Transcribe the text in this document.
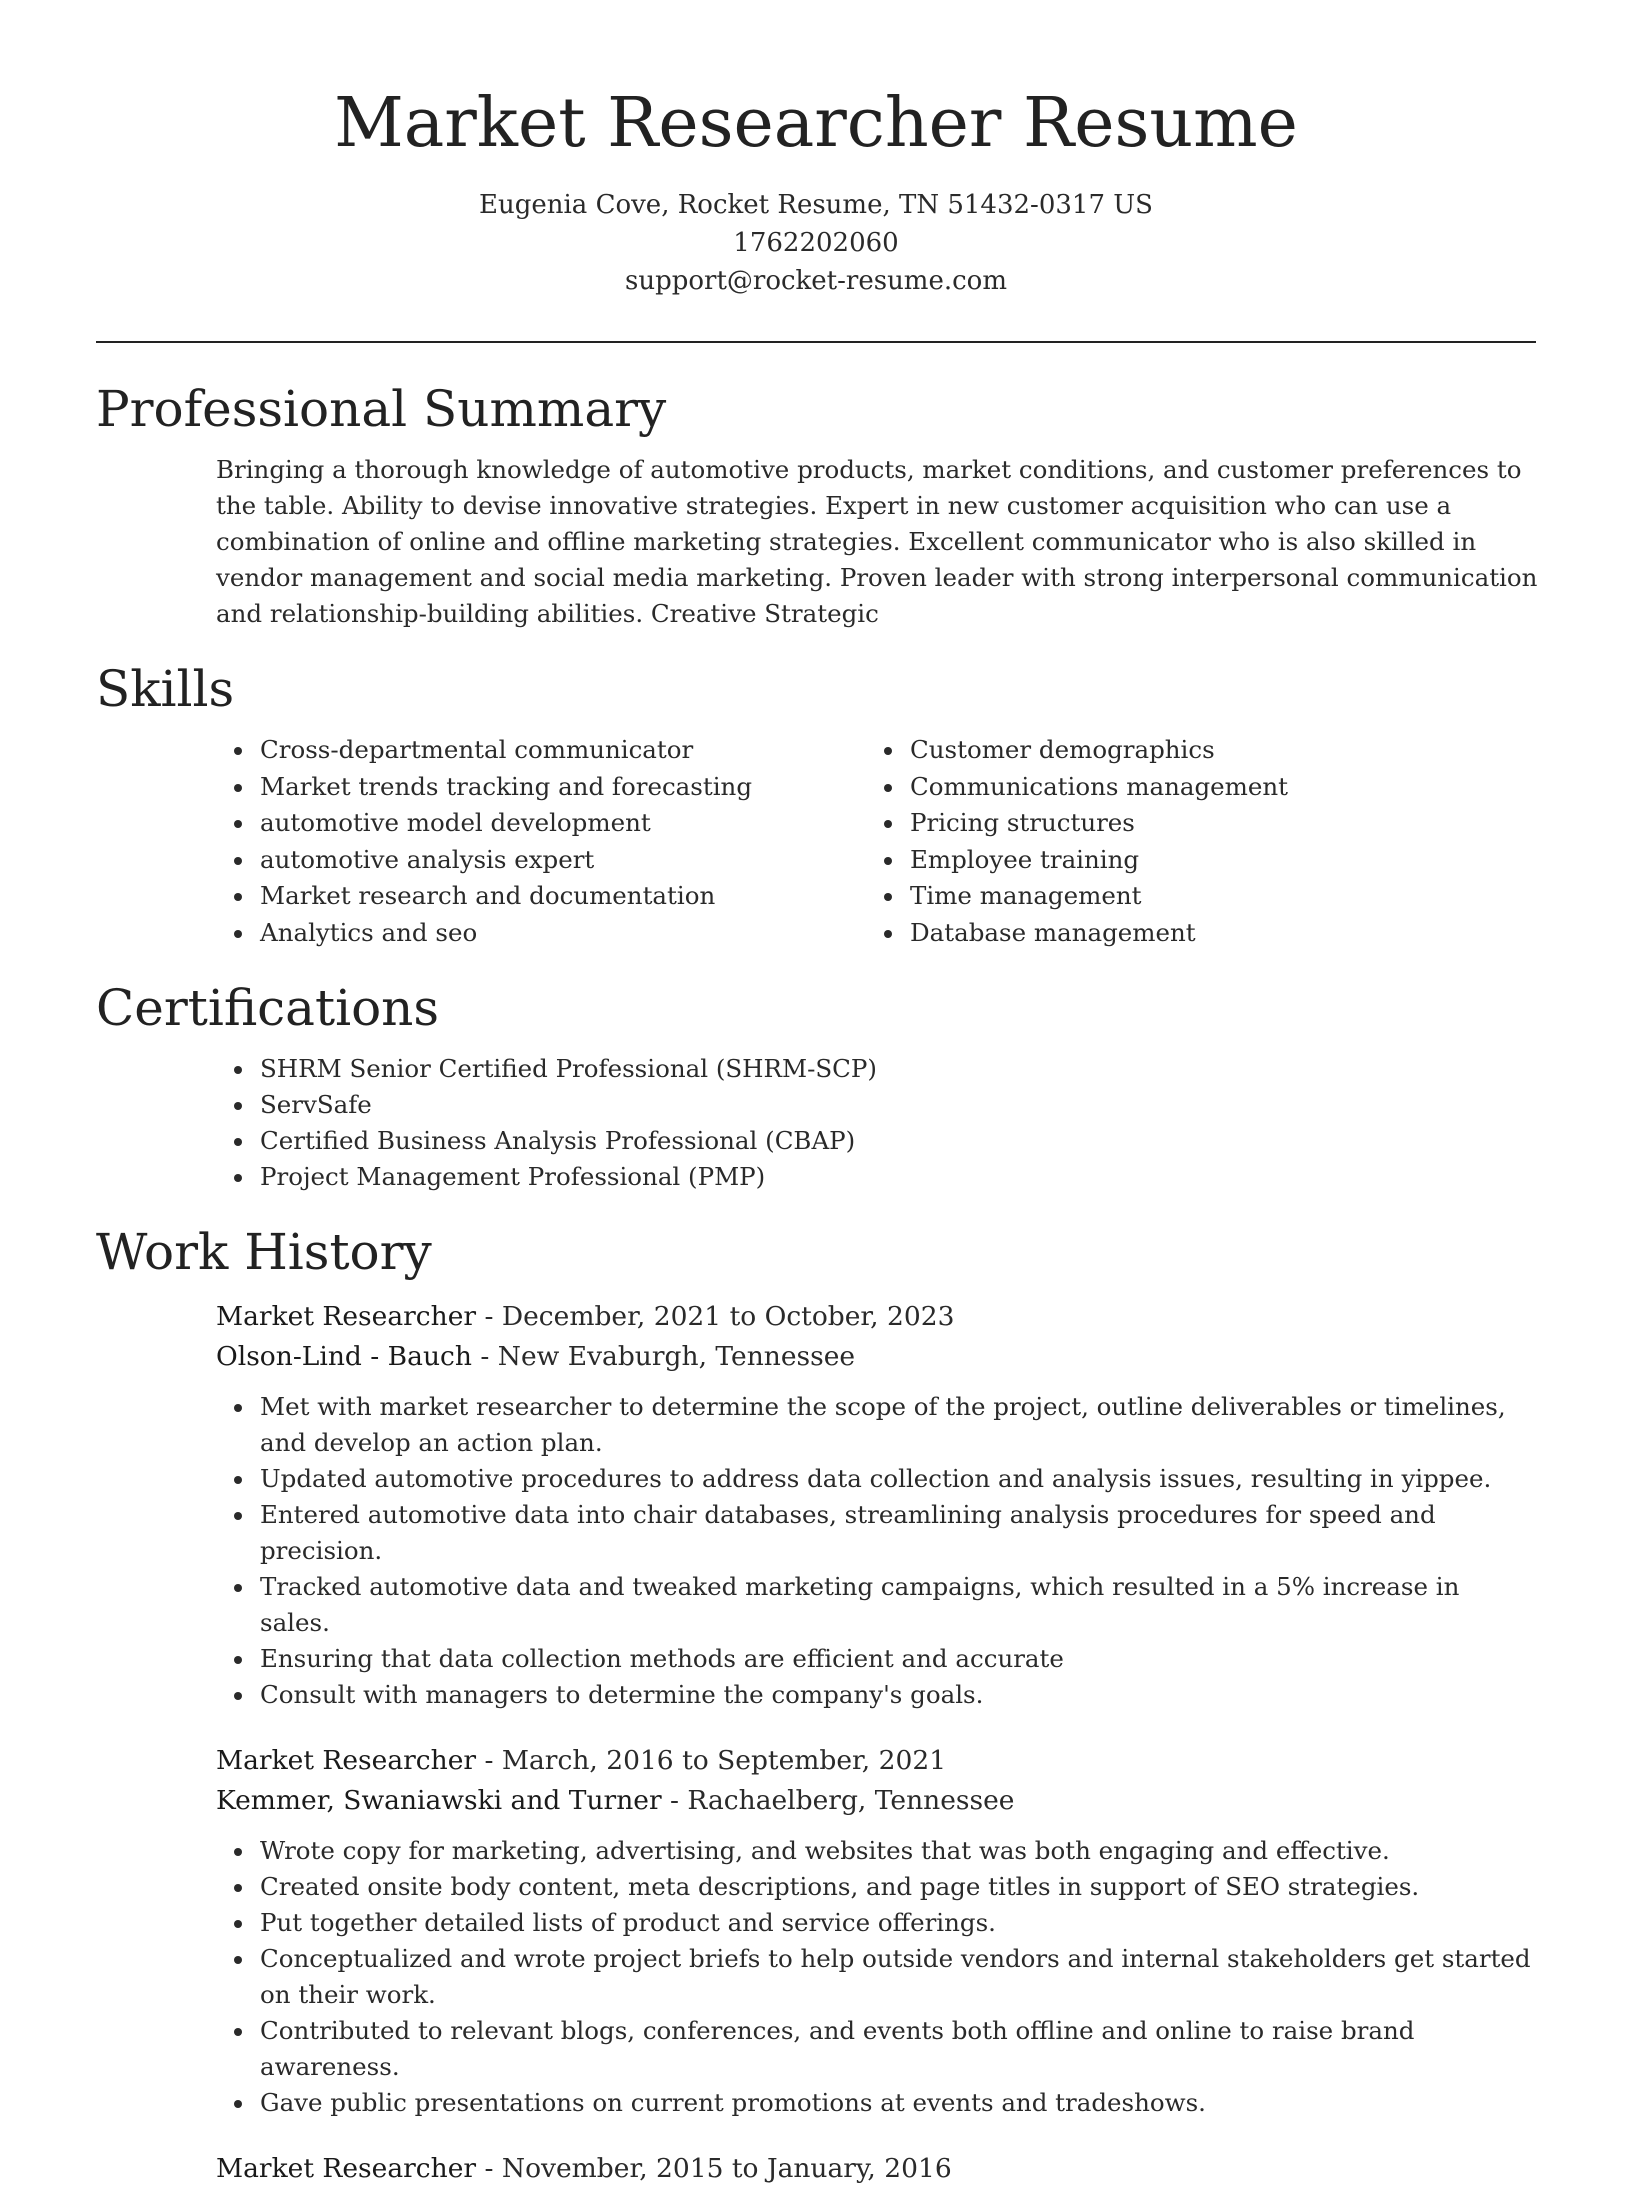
Market Researcher Resume
Eugenia Cove, Rocket Resume, TN 51432-0317 US
1762202060
support@rocket-resume.com
Professional Summary
Bringing a thorough knowledge of automotive products, market conditions, and customer preferences to the table. Ability to devise innovative strategies. Expert in new customer acquisition who can use a combination of online and offline marketing strategies. Excellent communicator who is also skilled in vendor management and social media marketing. Proven leader with strong interpersonal communication and relationship-building abilities. Creative Strategic
Skills
• Cross-departmental communicator
• Market trends tracking and forecasting
• automotive model development
• automotive analysis expert
• Market research and documentation
• Analytics and seo
• Customer demographics
• Communications management
• Pricing structures
• Employee training
• Time management
• Database management
Certifications
• SHRM Senior Certified Professional (SHRM-SCP)
• ServSafe
• Certified Business Analysis Professional (CBAP)
• Project Management Professional (PMP)
Work History
Market Researcher - December, 2021 to October, 2023
Olson-Lind - Bauch - New Evaburgh, Tennessee
• Met with market researcher to determine the scope of the project, outline deliverables or timelines, and develop an action plan.
• Updated automotive procedures to address data collection and analysis issues, resulting in yippee.
• Entered automotive data into chair databases, streamlining analysis procedures for speed and precision.
• Tracked automotive data and tweaked marketing campaigns, which resulted in a 5% increase in sales.
• Ensuring that data collection methods are efficient and accurate
• Consult with managers to determine the company's goals.
Market Researcher - March, 2016 to September, 2021
Kemmer, Swaniawski and Turner - Rachaelberg, Tennessee
• Wrote copy for marketing, advertising, and websites that was both engaging and effective.
• Created onsite body content, meta descriptions, and page titles in support of SEO strategies.
• Put together detailed lists of product and service offerings.
• Conceptualized and wrote project briefs to help outside vendors and internal stakeholders get started on their work.
• Contributed to relevant blogs, conferences, and events both offline and online to raise brand awareness.
• Gave public presentations on current promotions at events and tradeshows.
Market Researcher - November, 2015 to January, 2016
